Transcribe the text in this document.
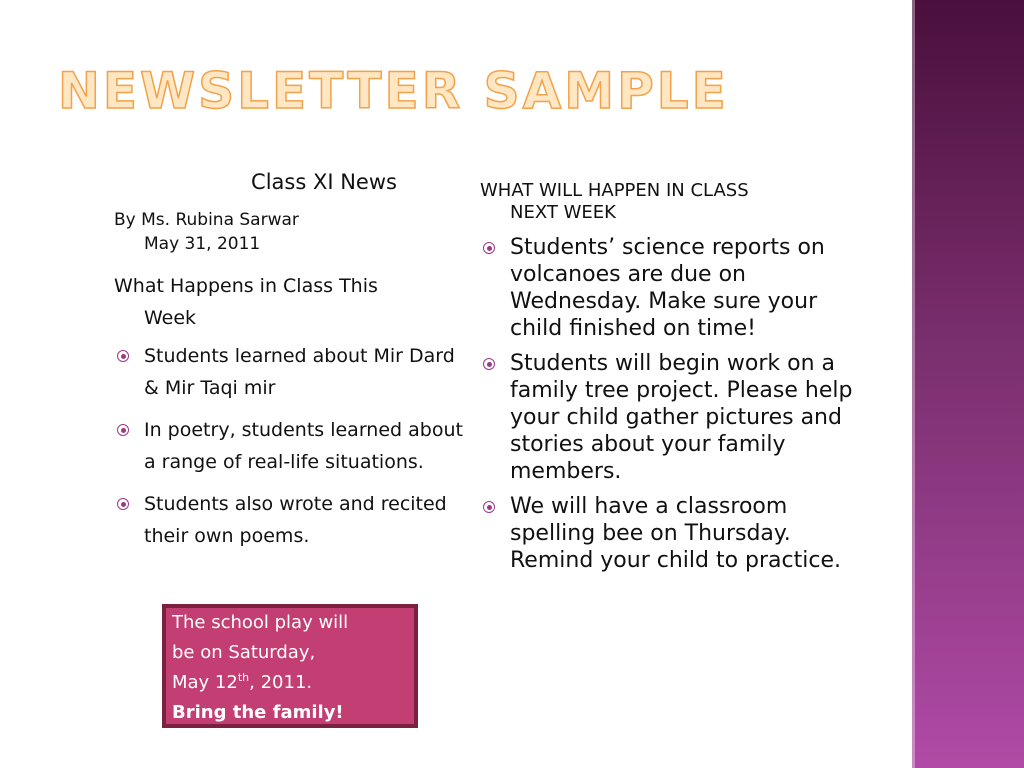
NEWSLETTER SAMPLE

Class XI News

By Ms. Rubina Sarwar
May 31, 2011

What Happens in Class This
Week

Students learned about Mir Dard & Mir Taqi mir
In poetry, students learned about a range of real-life situations.
Students also wrote and recited their own poems.

WHAT WILL HAPPEN IN CLASS
NEXT WEEK

Students’ science reports on volcanoes are due on Wednesday. Make sure your child finished on time!
Students will begin work on a family tree project. Please help your child gather pictures and stories about your family members.
We will have a classroom spelling bee on Thursday. Remind your child to practice.
The school play will
be on Saturday,
May 12th, 2011.
Bring the family!
